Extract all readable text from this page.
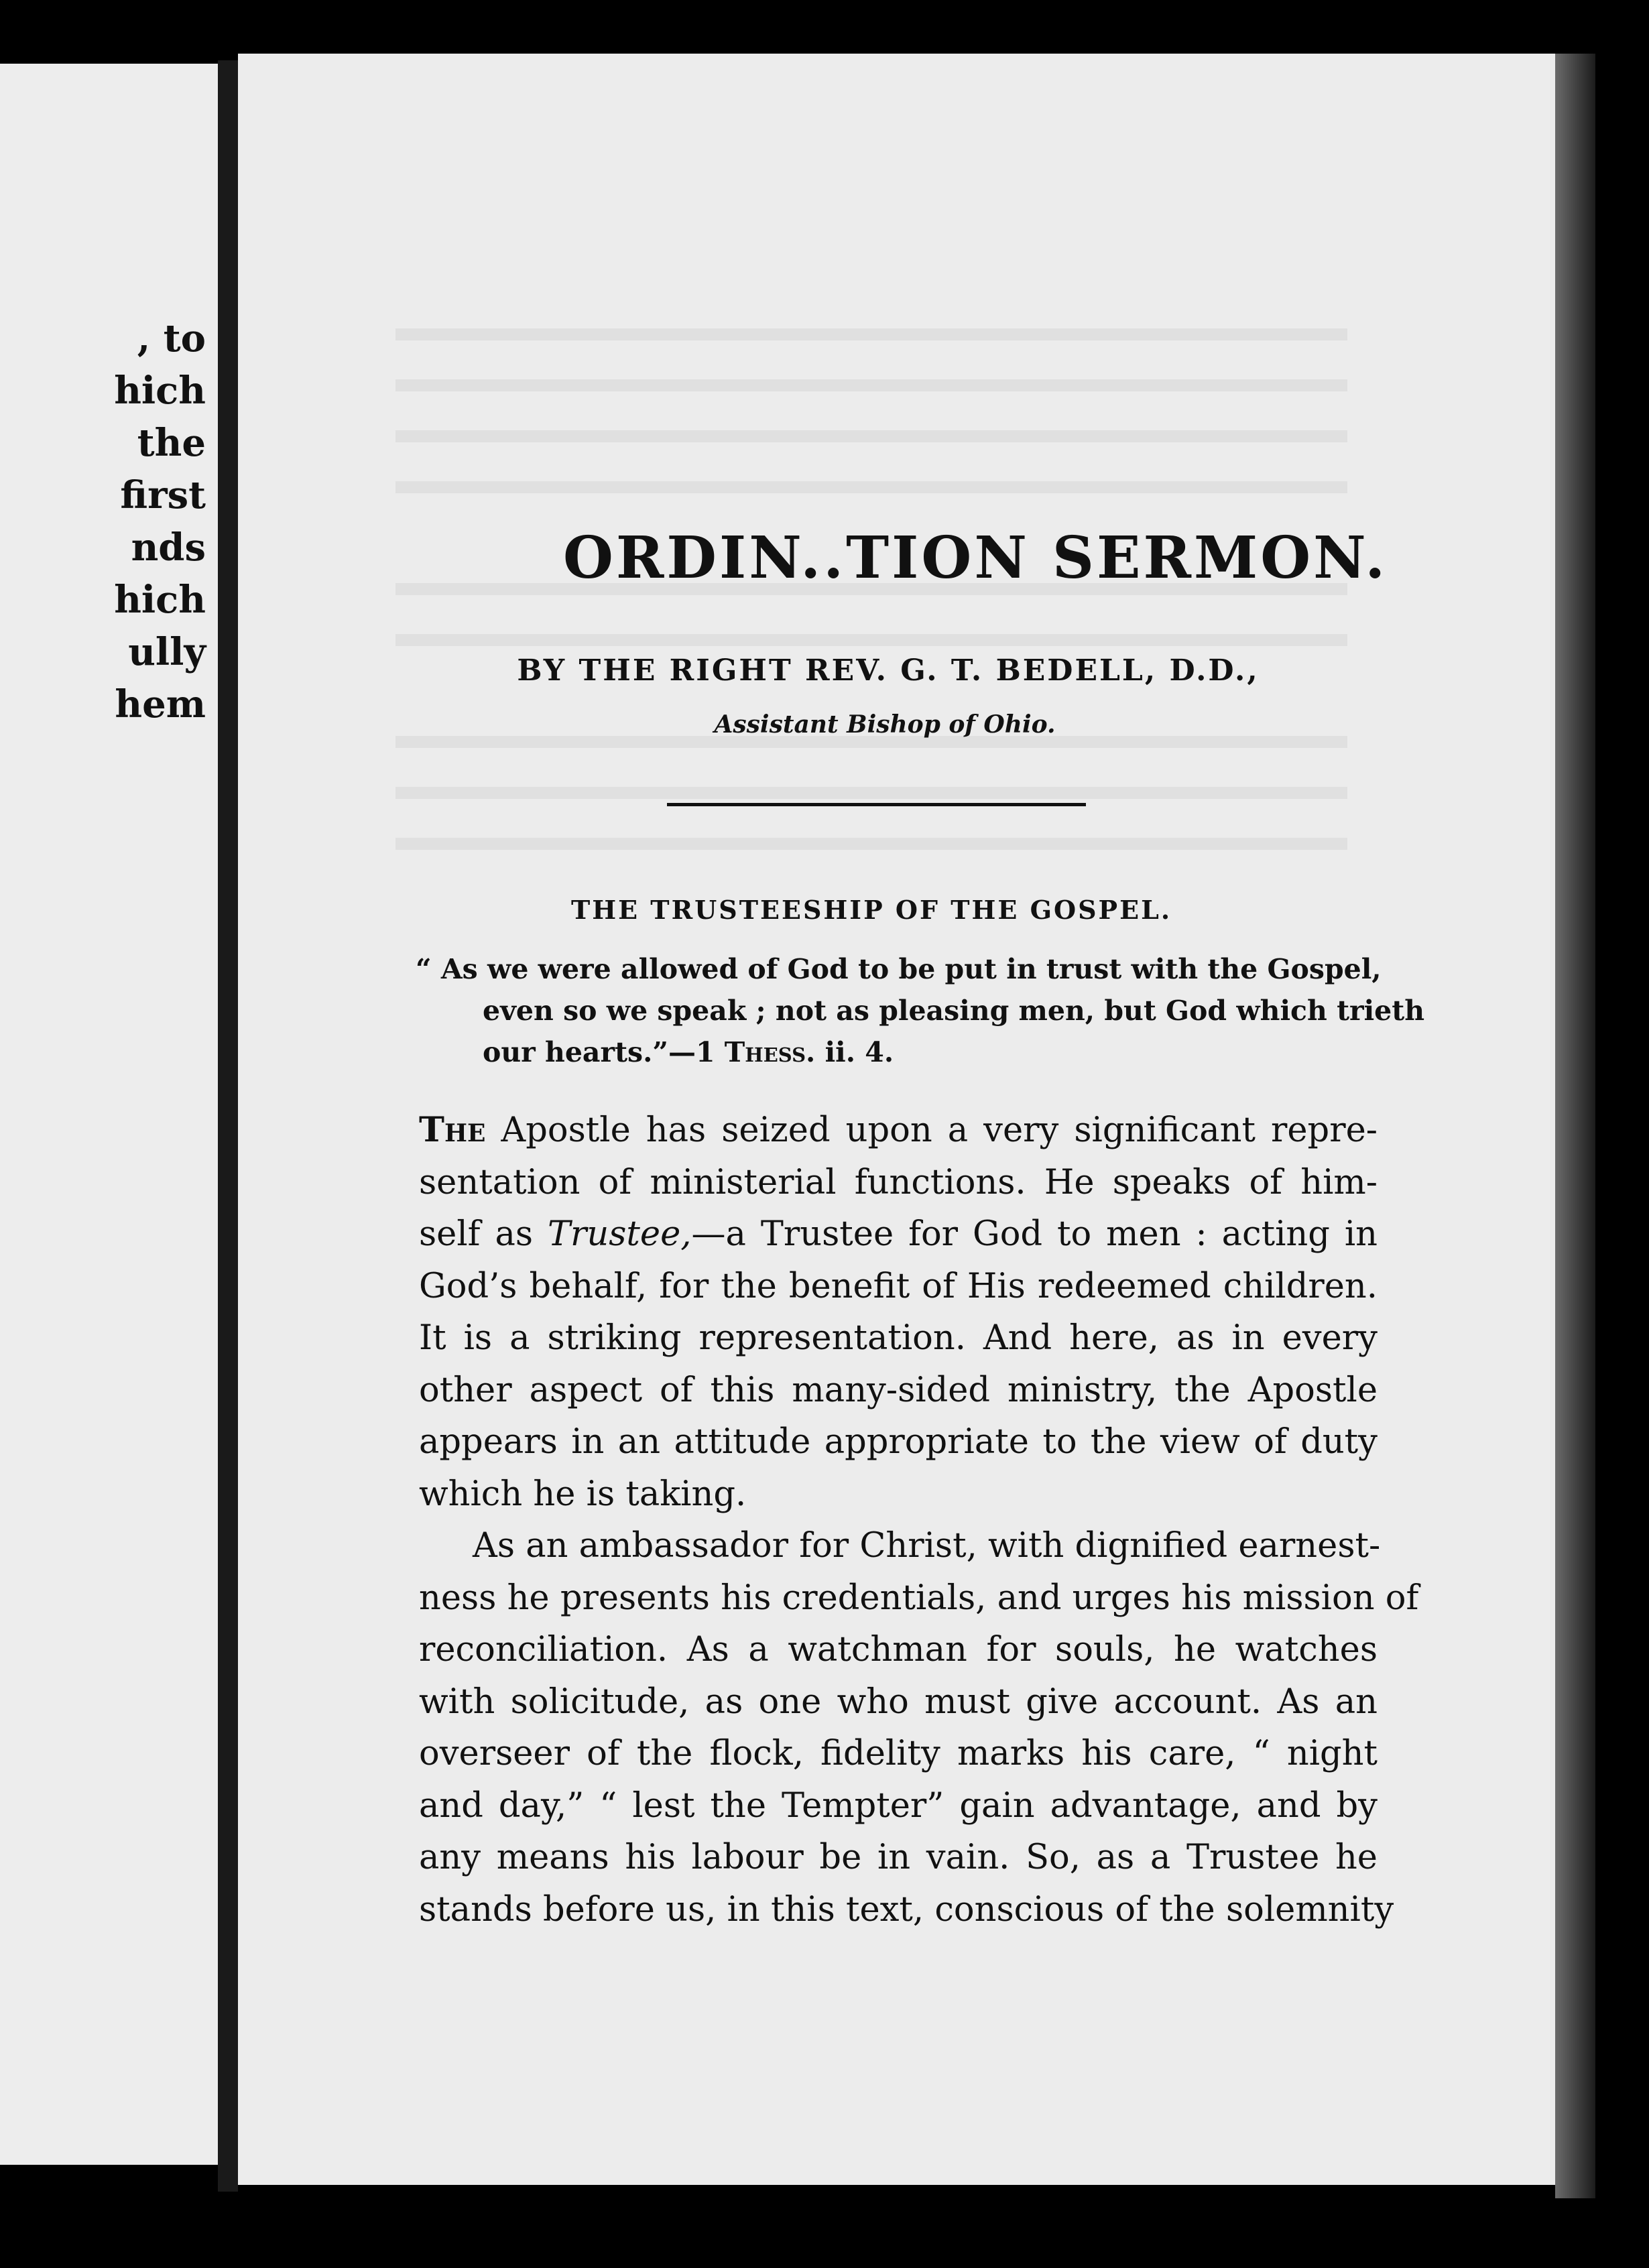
, to
hich
the
first
nds
hich
ully
hem
ORDIN..TION SERMON.
BY THE RIGHT REV. G. T. BEDELL, D.D.,
Assistant Bishop of Ohio.
THE TRUSTEESHIP OF THE GOSPEL.
“ As we were allowed of God to be put in trust with the Gospel,
even so we speak ; not as pleasing men, but God which trieth
our hearts.”—1 Thess. ii. 4.
The Apostle has seized upon a very significant repre-
sentation of ministerial functions. He speaks of him-
self as Trustee,—a Trustee for God to men : acting in
God’s behalf, for the benefit of His redeemed children.
It is a striking representation. And here, as in every
other aspect of this many-sided ministry, the Apostle
appears in an attitude appropriate to the view of duty
which he is taking.
As an ambassador for Christ, with dignified earnest-
ness he presents his credentials, and urges his mission of
reconciliation. As a watchman for souls, he watches
with solicitude, as one who must give account. As an
overseer of the flock, fidelity marks his care, “ night
and day,” “ lest the Tempter” gain advantage, and by
any means his labour be in vain. So, as a Trustee he
stands before us, in this text, conscious of the solemnity
